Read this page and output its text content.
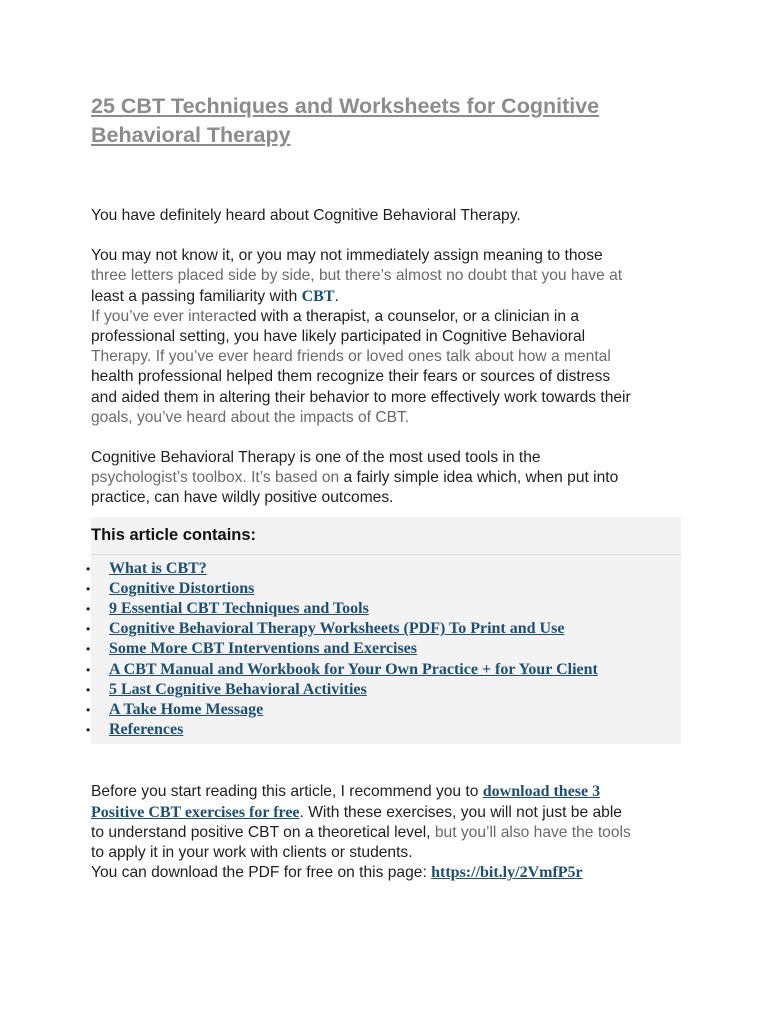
25 CBT Techniques and Worksheets for Cognitive Behavioral Therapy

You have definitely heard about Cognitive Behavioral Therapy.

You may not know it, or you may not immediately assign meaning to those

three letters placed side by side, but there’s almost no doubt that you have at

least a passing familiarity with CBT.

If you’ve ever interacted with a therapist, a counselor, or a clinician in a

professional setting, you have likely participated in Cognitive Behavioral

Therapy. If you’ve ever heard friends or loved ones talk about how a mental

health professional helped them recognize their fears or sources of distress

and aided them in altering their behavior to more effectively work towards their

goals, you’ve heard about the impacts of CBT.

Cognitive Behavioral Therapy is one of the most used tools in the

psychologist’s toolbox. It’s based on a fairly simple idea which, when put into

practice, can have wildly positive outcomes.

This article contains:
• What is CBT?
• Cognitive Distortions
• 9 Essential CBT Techniques and Tools
• Cognitive Behavioral Therapy Worksheets (PDF) To Print and Use
• Some More CBT Interventions and Exercises
• A CBT Manual and Workbook for Your Own Practice + for Your Client
• 5 Last Cognitive Behavioral Activities
• A Take Home Message
• References

Before you start reading this article, I recommend you to download these 3

Positive CBT exercises for free. With these exercises, you will not just be able

to understand positive CBT on a theoretical level, but you’ll also have the tools

to apply it in your work with clients or students.

You can download the PDF for free on this page: https://bit.ly/2VmfP5r
